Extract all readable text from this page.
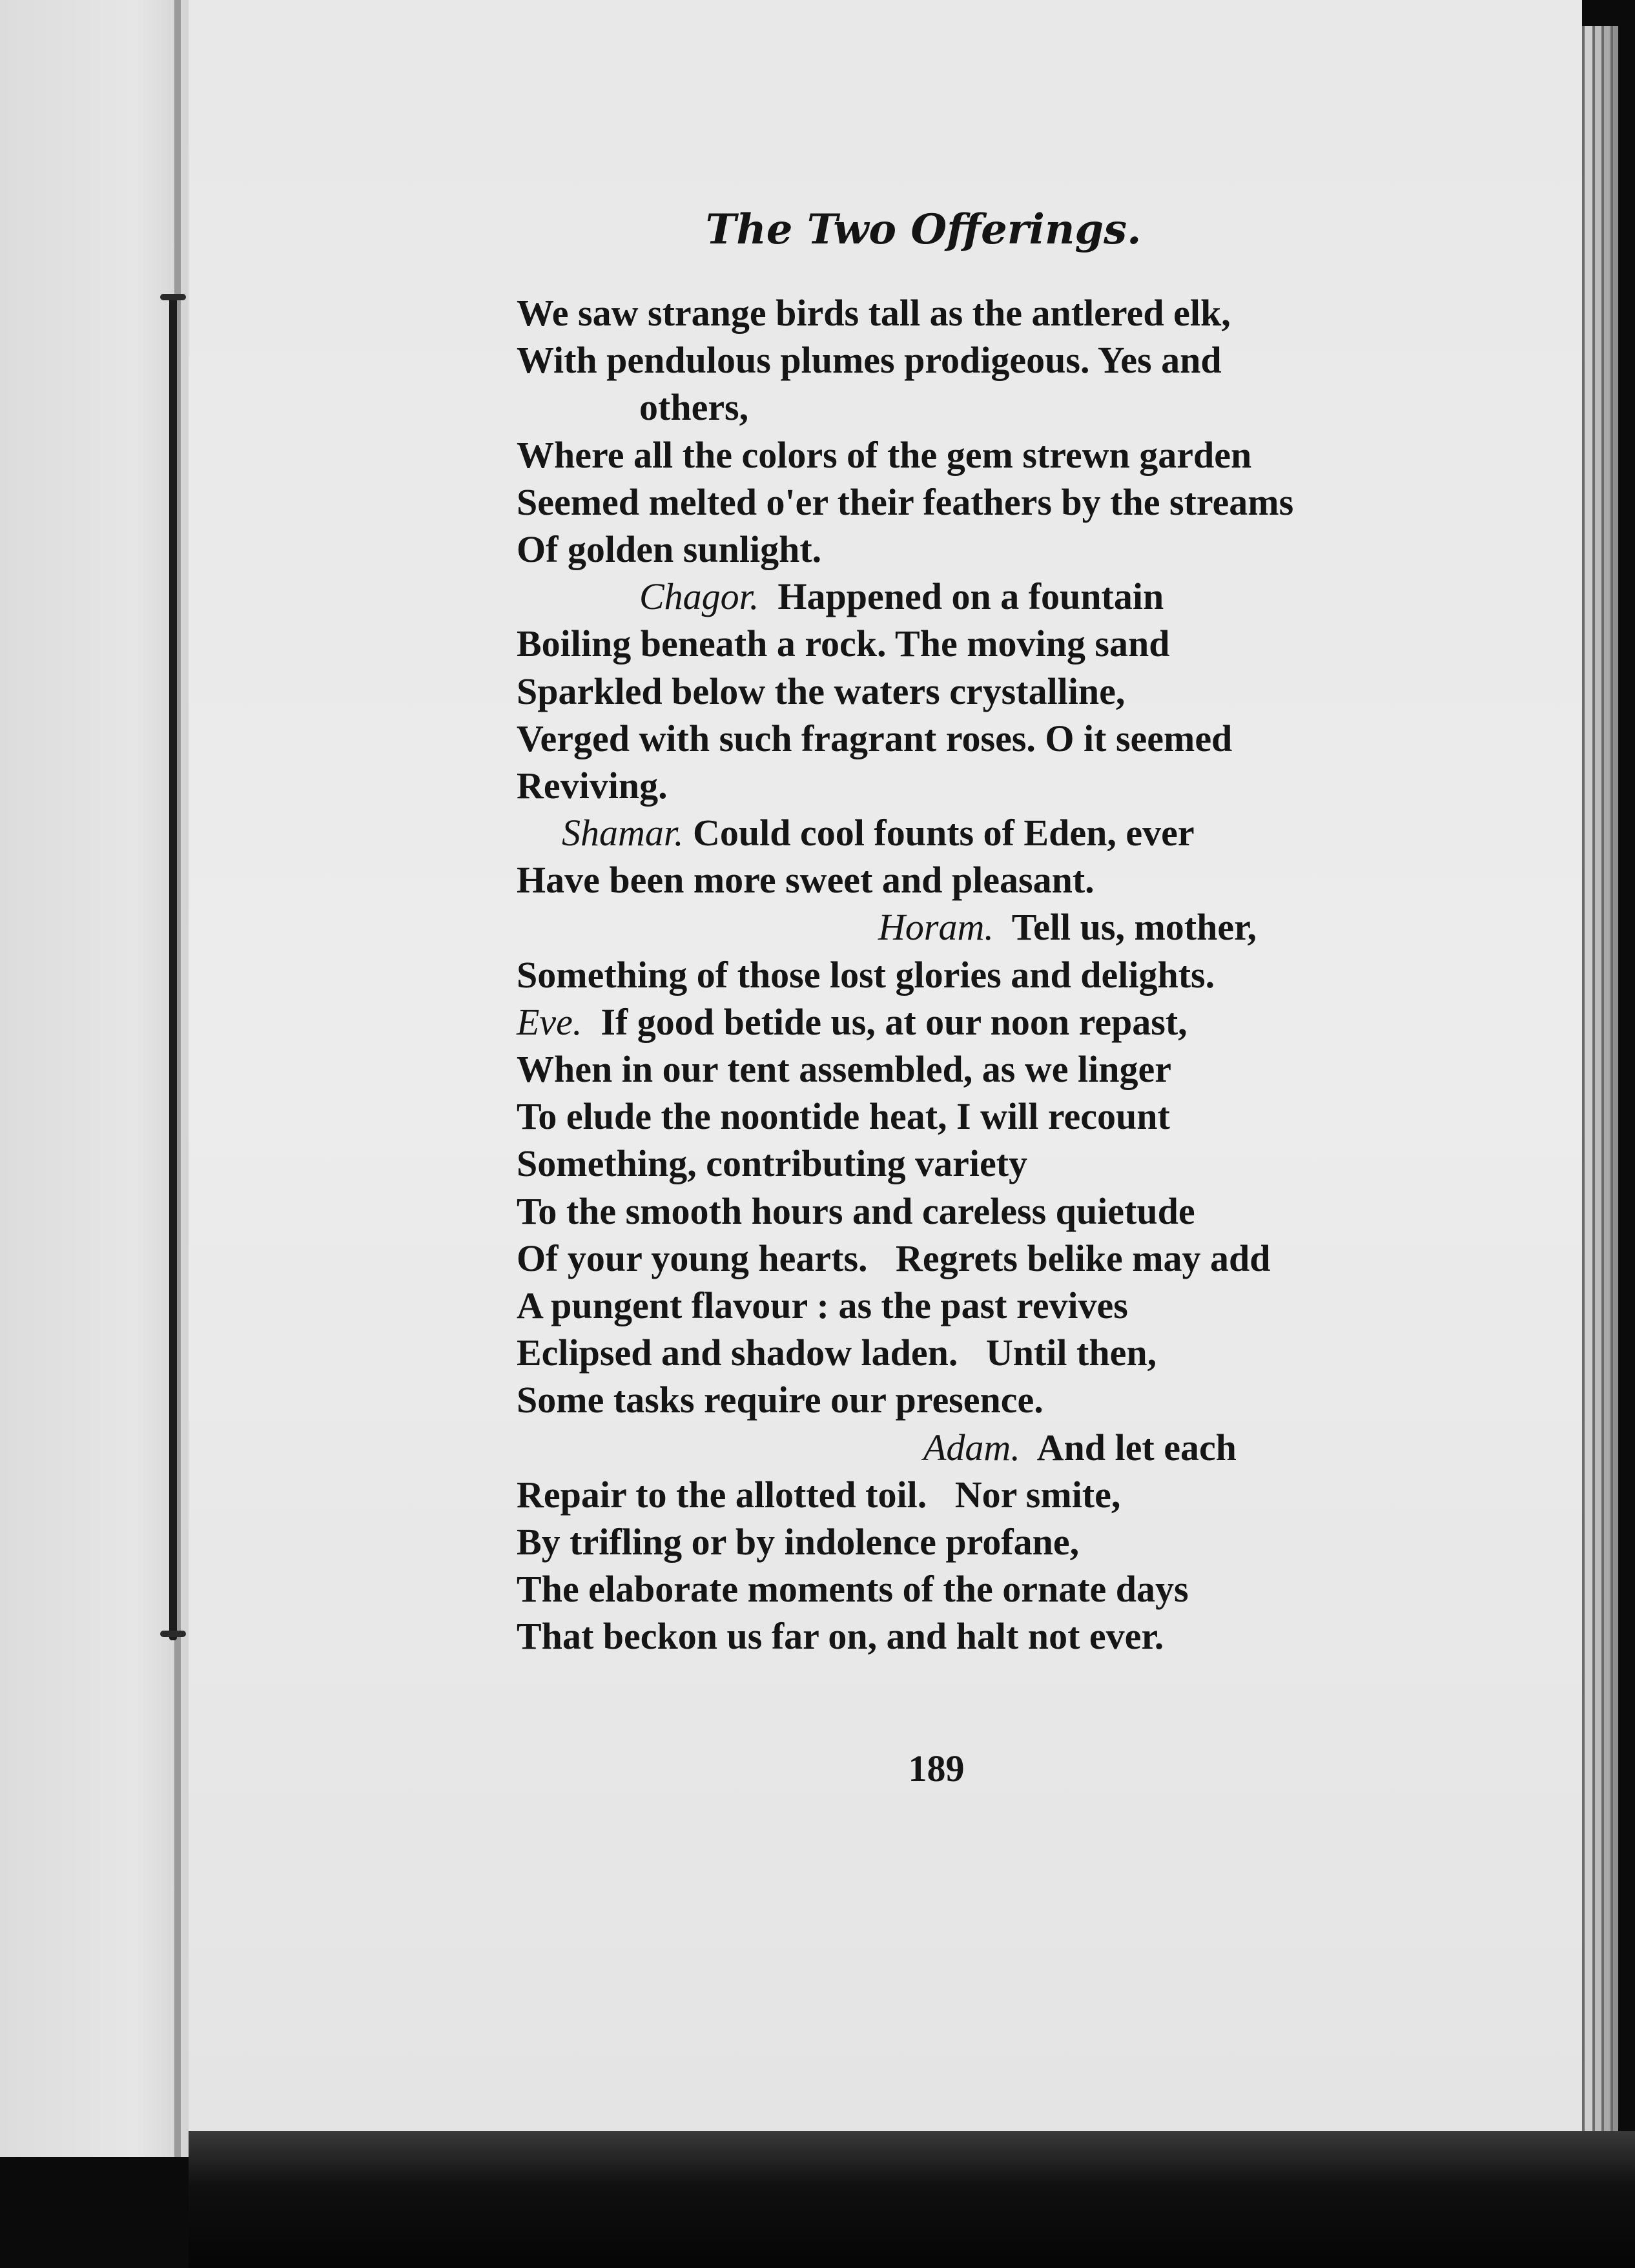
The Two Offerings.
We saw strange birds tall as the antlered elk,
With pendulous plumes prodigeous. Yes and
others,
Where all the colors of the gem strewn garden
Seemed melted o'er their feathers by the streams
Of golden sunlight.
Chagor.  Happened on a fountain
Boiling beneath a rock. The moving sand
Sparkled below the waters crystalline,
Verged with such fragrant roses. O it seemed
Reviving.
Shamar. Could cool founts of Eden, ever
Have been more sweet and pleasant.
Horam.  Tell us, mother,
Something of those lost glories and delights.
Eve.  If good betide us, at our noon repast,
When in our tent assembled, as we linger
To elude the noontide heat, I will recount
Something, contributing variety
To the smooth hours and careless quietude
Of your young hearts.   Regrets belike may add
A pungent flavour : as the past revives
Eclipsed and shadow laden.   Until then,
Some tasks require our presence.
Adam.  And let each
Repair to the allotted toil.   Nor smite,
By trifling or by indolence profane,
The elaborate moments of the ornate days
That beckon us far on, and halt not ever.
189
